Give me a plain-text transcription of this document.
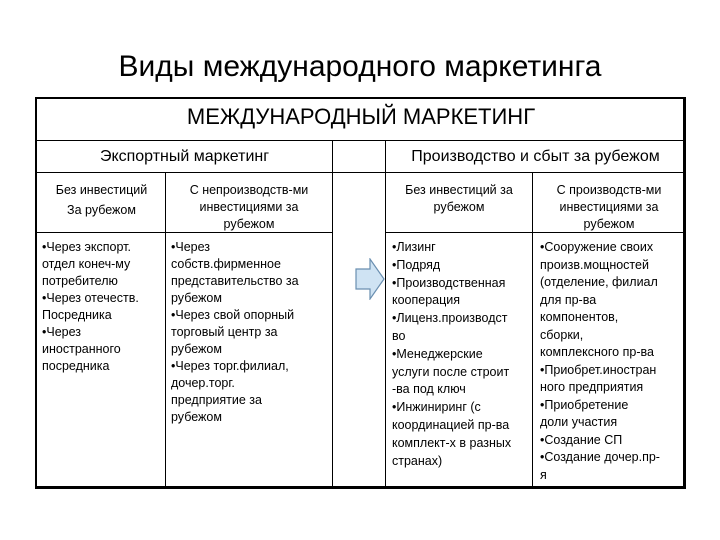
Виды международного маркетинга
МЕЖДУНАРОДНЫЙ МАРКЕТИНГ
Экспортный маркетинг	Производство и сбыт за рубежом

Без инвестиций

За рубежом

С непроизводств-ми

инвестициями за

рубежом

Без инвестиций за

рубежом

С производств-ми

инвестициями за

рубежом

•Через экспорт.

отдел конеч-му

потребителю

•Через отечеств.

Посредника

•Через

иностранного

посредника

•Через

собств.фирменное

представительство за

рубежом

•Через свой опорный

торговый центр за

рубежом

•Через торг.филиал,

дочер.торг.

предприятие за

рубежом

•Лизинг

•Подряд

•Производственная

кооперация

•Лиценз.производст

во

•Менеджерские

услуги после строит

-ва под ключ

•Инжиниринг (с

координацией пр-ва

комплект-х в разных

странах)

•Сооружение своих

произв.мощностей

(отделение, филиал

для пр-ва

компонентов,

сборки,

комплексного пр-ва

•Приобрет.иностран

ного предприятия

•Приобретение

доли участия

•Создание СП

•Создание дочер.пр-

я
